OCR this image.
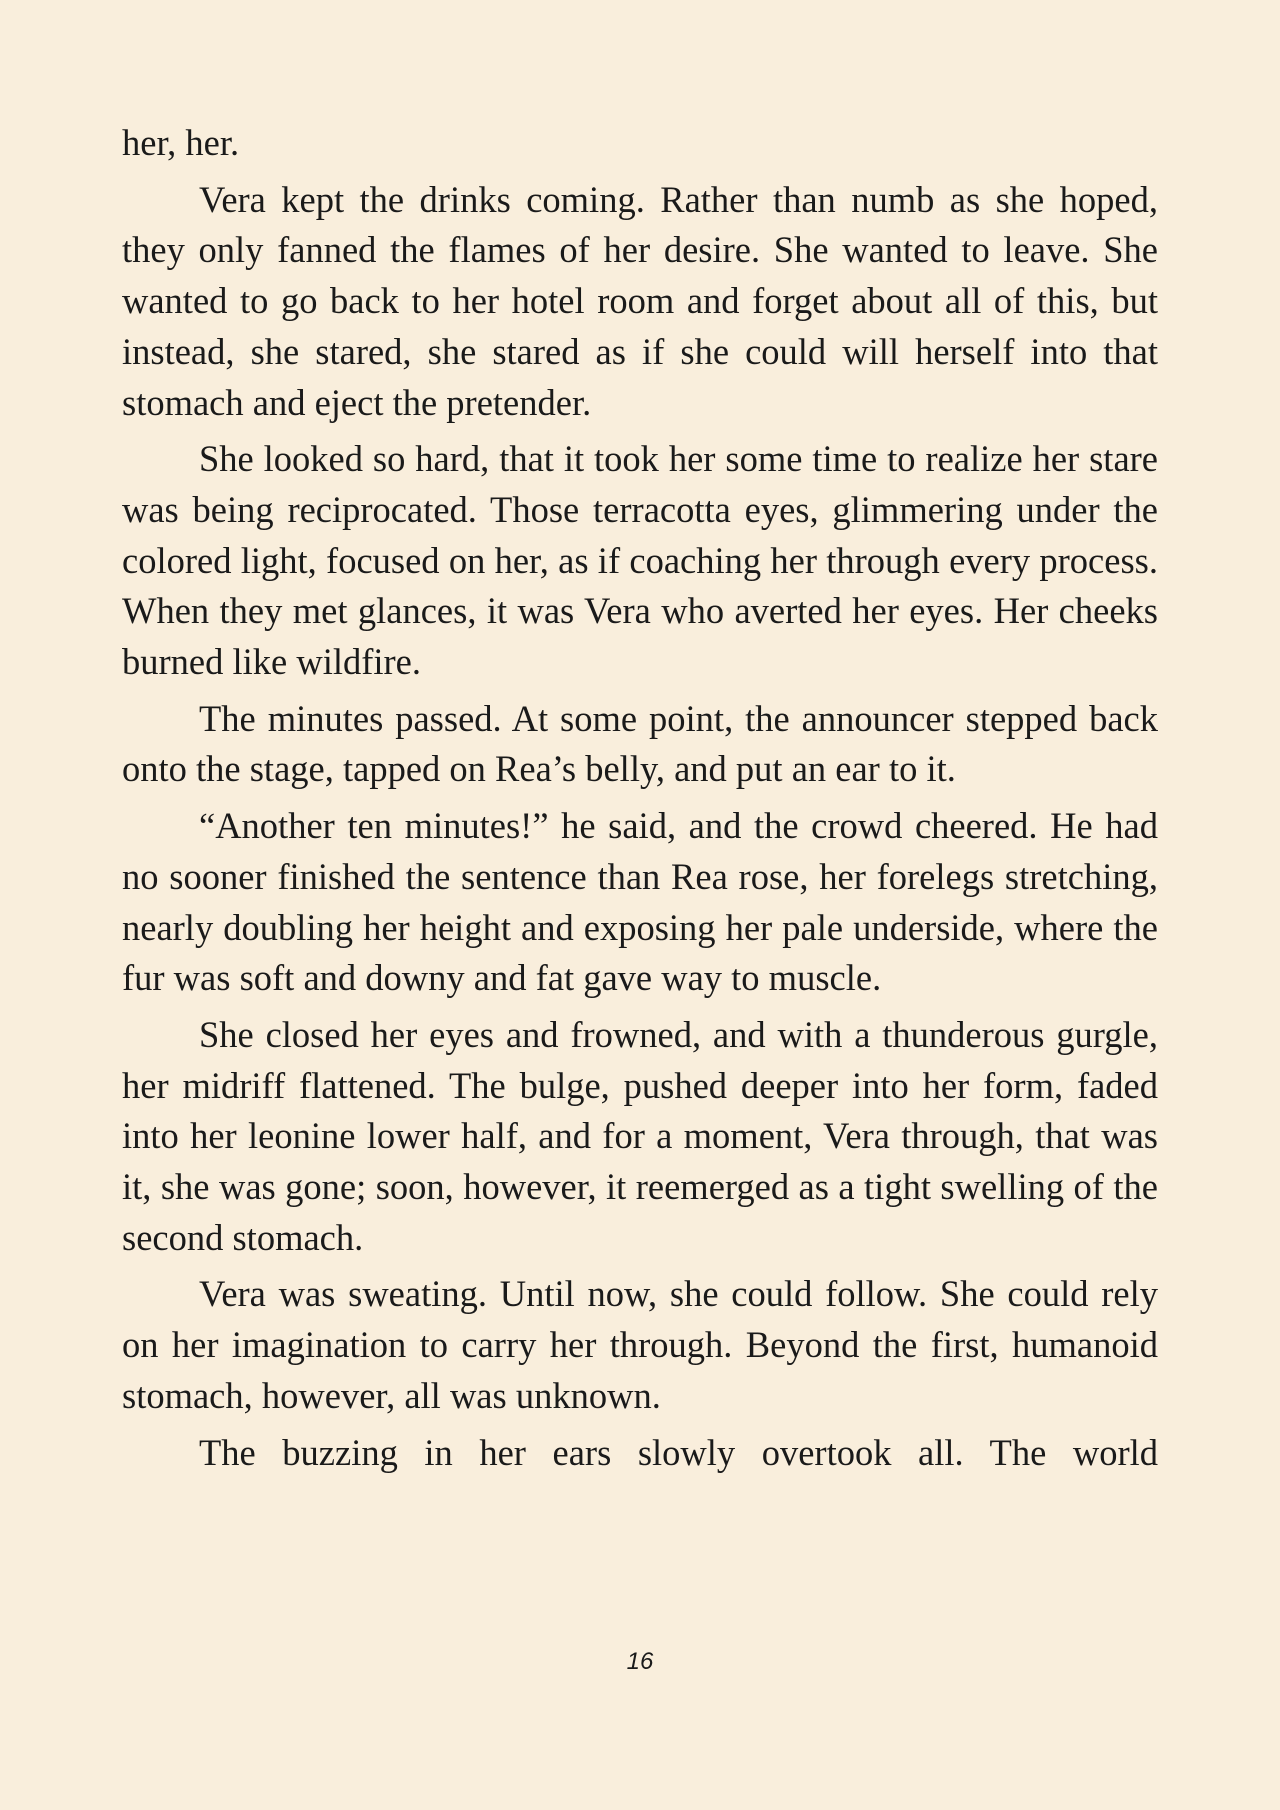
her, her.

Vera kept the drinks coming. Rather than numb as she hoped, they only fanned the flames of her desire. She wanted to leave. She wanted to go back to her hotel room and forget about all of this, but instead, she stared, she stared as if she could will herself into that stomach and eject the pretender.

She looked so hard, that it took her some time to realize her stare was being reciprocated. Those terracotta eyes, glimmering under the colored light, focused on her, as if coaching her through every process. When they met glances, it was Vera who averted her eyes. Her cheeks burned like wildfire.

The minutes passed. At some point, the announcer stepped back onto the stage, tapped on Rea’s belly, and put an ear to it.

“Another ten minutes!” he said, and the crowd cheered. He had no sooner finished the sentence than Rea rose, her forelegs stretching, nearly doubling her height and exposing her pale underside, where the fur was soft and downy and fat gave way to muscle.

She closed her eyes and frowned, and with a thunderous gurgle, her midriff flattened. The bulge, pushed deeper into her form, faded into her leonine lower half, and for a moment, Vera through, that was it, she was gone; soon, however, it reemerged as a tight swelling of the second stomach.

Vera was sweating. Until now, she could follow. She could rely on her imagination to carry her through. Beyond the first, humanoid stomach, however, all was unknown.

The buzzing in her ears slowly overtook all. The world

16
